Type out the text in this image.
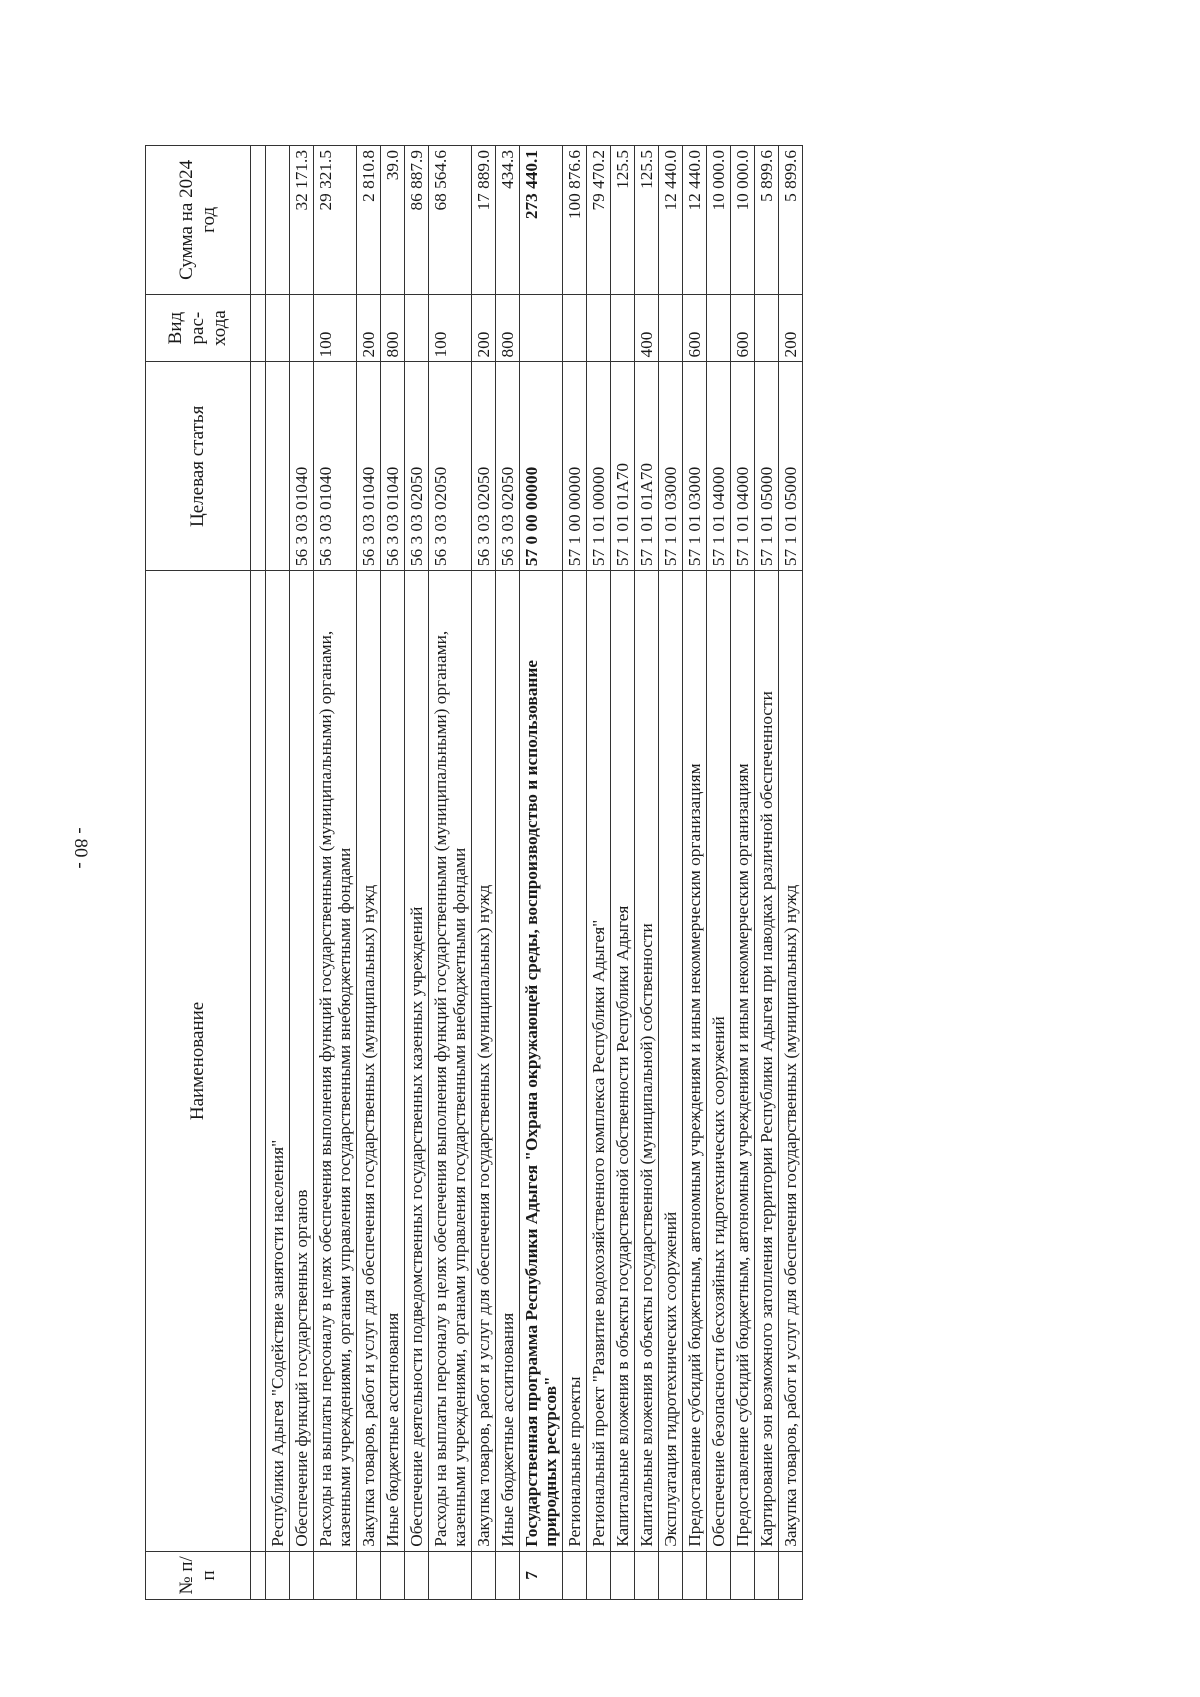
- 80 -
№ п/п	Наименование	Целевая статья	Вид рас-хода	Сумма на 2024 год

	Республики Адыгея "Содействие занятости населения"			
	Обеспечение функций государственных органов	56 3 03 01040		32 171.3
	Расходы на выплаты персоналу в целях обеспечения выполнения функций государственными (муниципальными) органами, казенными учреждениями, органами управления государственными внебюджетными фондами	56 3 03 01040	100	29 321.5
	Закупка товаров, работ и услуг для обеспечения государственных (муниципальных) нужд	56 3 03 01040	200	2 810.8
	Иные бюджетные ассигнования	56 3 03 01040	800	39.0
	Обеспечение деятельности подведомственных государственных казенных учреждений	56 3 03 02050		86 887.9
	Расходы на выплаты персоналу в целях обеспечения выполнения функций государственными (муниципальными) органами, казенными учреждениями, органами управления государственными внебюджетными фондами	56 3 03 02050	100	68 564.6
	Закупка товаров, работ и услуг для обеспечения государственных (муниципальных) нужд	56 3 03 02050	200	17 889.0
	Иные бюджетные ассигнования	56 3 03 02050	800	434.3
7	Государственная программа Республики Адыгея "Охрана окружающей среды, воспроизводство и использование природных ресурсов"	57 0 00 00000		273 440.1
	Региональные проекты	57 1 00 00000		100 876.6
	Региональный проект "Развитие водохозяйственного комплекса Республики Адыгея"	57 1 01 00000		79 470.2
	Капитальные вложения в объекты государственной собственности Республики Адыгея	57 1 01 01А70		125.5
	Капитальные вложения в объекты государственной (муниципальной) собственности	57 1 01 01А70	400	125.5
	Эксплуатация гидротехнических сооружений	57 1 01 03000		12 440.0
	Предоставление субсидий бюджетным, автономным учреждениям и иным некоммерческим организациям	57 1 01 03000	600	12 440.0
	Обеспечение безопасности бесхозяйных гидротехнических сооружений	57 1 01 04000		10 000.0
	Предоставление субсидий бюджетным, автономным учреждениям и иным некоммерческим организациям	57 1 01 04000	600	10 000.0
	Картирование зон возможного затопления территории Республики Адыгея при паводках различной обеспеченности	57 1 01 05000		5 899.6
	Закупка товаров, работ и услуг для обеспечения государственных (муниципальных) нужд	57 1 01 05000	200	5 899.6
